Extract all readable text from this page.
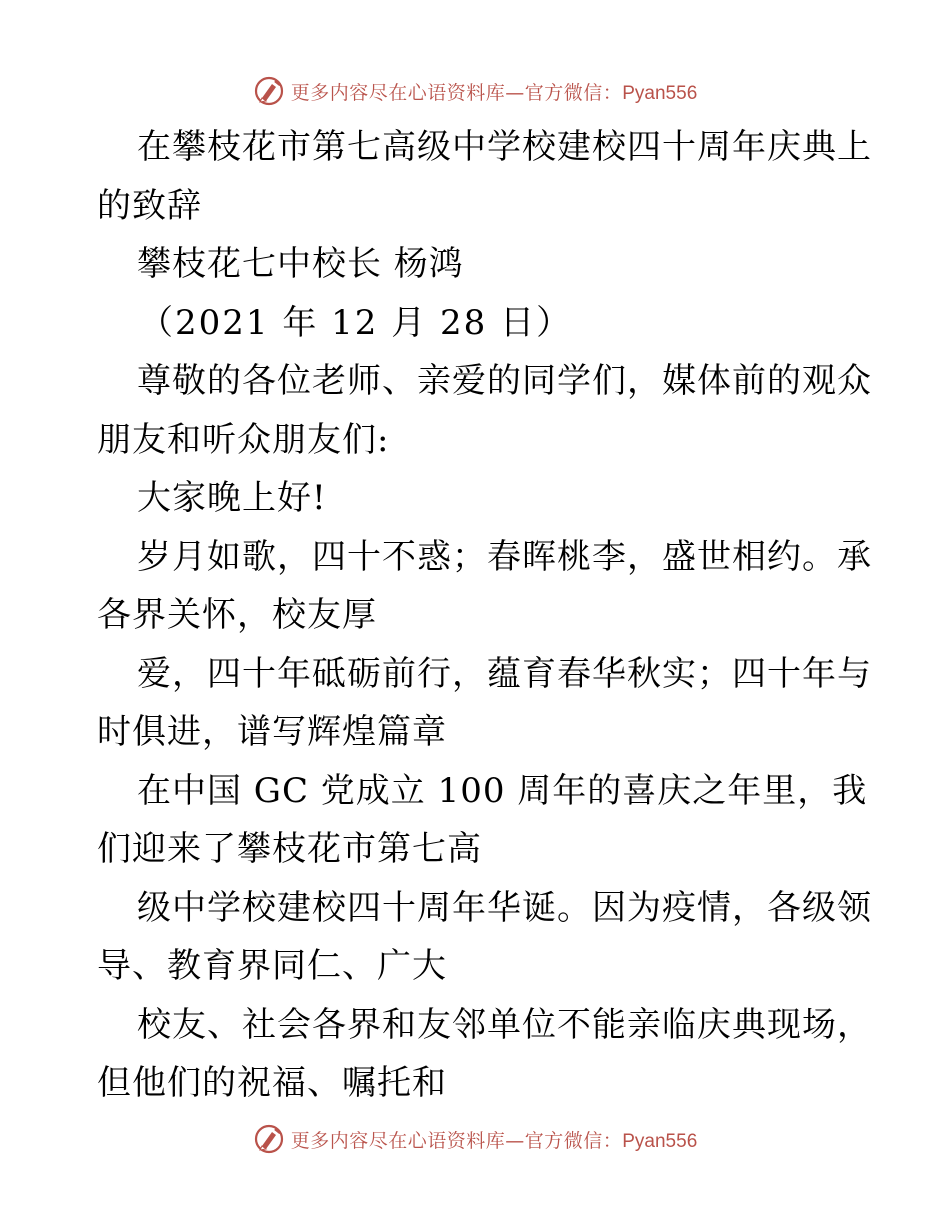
更多内容尽在心语资料库—官方微信：Pyan556
在攀枝花市第七高级中学校建校四十周年庆典上
的致辞
攀枝花七中校长 杨鸿
（2021 年 12 月 28 日）
尊敬的各位老师、亲爱的同学们，媒体前的观众
朋友和听众朋友们:
大家晚上好!
岁月如歌，四十不惑；春晖桃李，盛世相约。承
各界关怀，校友厚
爱，四十年砥砺前行，蕴育春华秋实；四十年与
时俱进，谱写辉煌篇章
在中国 GC 党成立 100 周年的喜庆之年里，我
们迎来了攀枝花市第七高
级中学校建校四十周年华诞。因为疫情，各级领
导、教育界同仁、广大
校友、社会各界和友邻单位不能亲临庆典现场，
但他们的祝福、嘱托和
更多内容尽在心语资料库—官方微信：Pyan556
